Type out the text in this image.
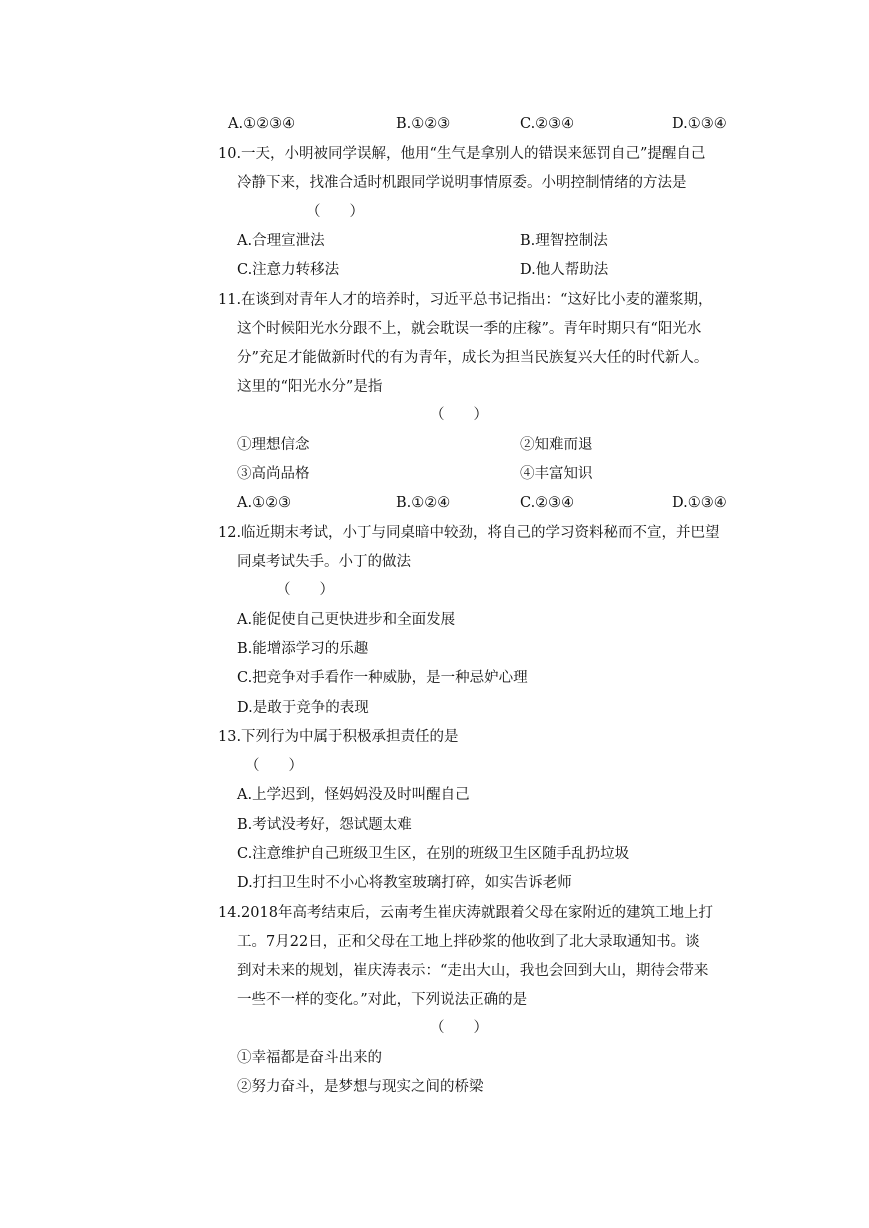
A.①②③④	B.①②③	C.②③④	D.①③④
10.一天，小明被同学误解，他用“生气是拿别人的错误来惩罚自己”提醒自己
冷静下来，找准合适时机跟同学说明事情原委。小明控制情绪的方法是
（　　）
A.合理宣泄法	B.理智控制法
C.注意力转移法	D.他人帮助法
11.在谈到对青年人才的培养时，习近平总书记指出：“这好比小麦的灌浆期，
这个时候阳光水分跟不上，就会耽误一季的庄稼”。青年时期只有“阳光水
分”充足才能做新时代的有为青年，成长为担当民族复兴大任的时代新人。
这里的“阳光水分”是指
（　　）
①理想信念	②知难而退
③高尚品格	④丰富知识
A.①②③	B.①②④	C.②③④	D.①③④
12.临近期末考试，小丁与同桌暗中较劲，将自己的学习资料秘而不宣，并巴望
同桌考试失手。小丁的做法
（　　）
A.能促使自己更快进步和全面发展
B.能增添学习的乐趣
C.把竞争对手看作一种威胁，是一种忌妒心理
D.是敢于竞争的表现
13.下列行为中属于积极承担责任的是
（　　）
A.上学迟到，怪妈妈没及时叫醒自己
B.考试没考好，怨试题太难
C.注意维护自己班级卫生区，在别的班级卫生区随手乱扔垃圾
D.打扫卫生时不小心将教室玻璃打碎，如实告诉老师
14.2018年高考结束后，云南考生崔庆涛就跟着父母在家附近的建筑工地上打
工。7月22日，正和父母在工地上拌砂浆的他收到了北大录取通知书。谈
到对未来的规划，崔庆涛表示：“走出大山，我也会回到大山，期待会带来
一些不一样的变化。”对此，下列说法正确的是
（　　）
①幸福都是奋斗出来的
②努力奋斗，是梦想与现实之间的桥梁
